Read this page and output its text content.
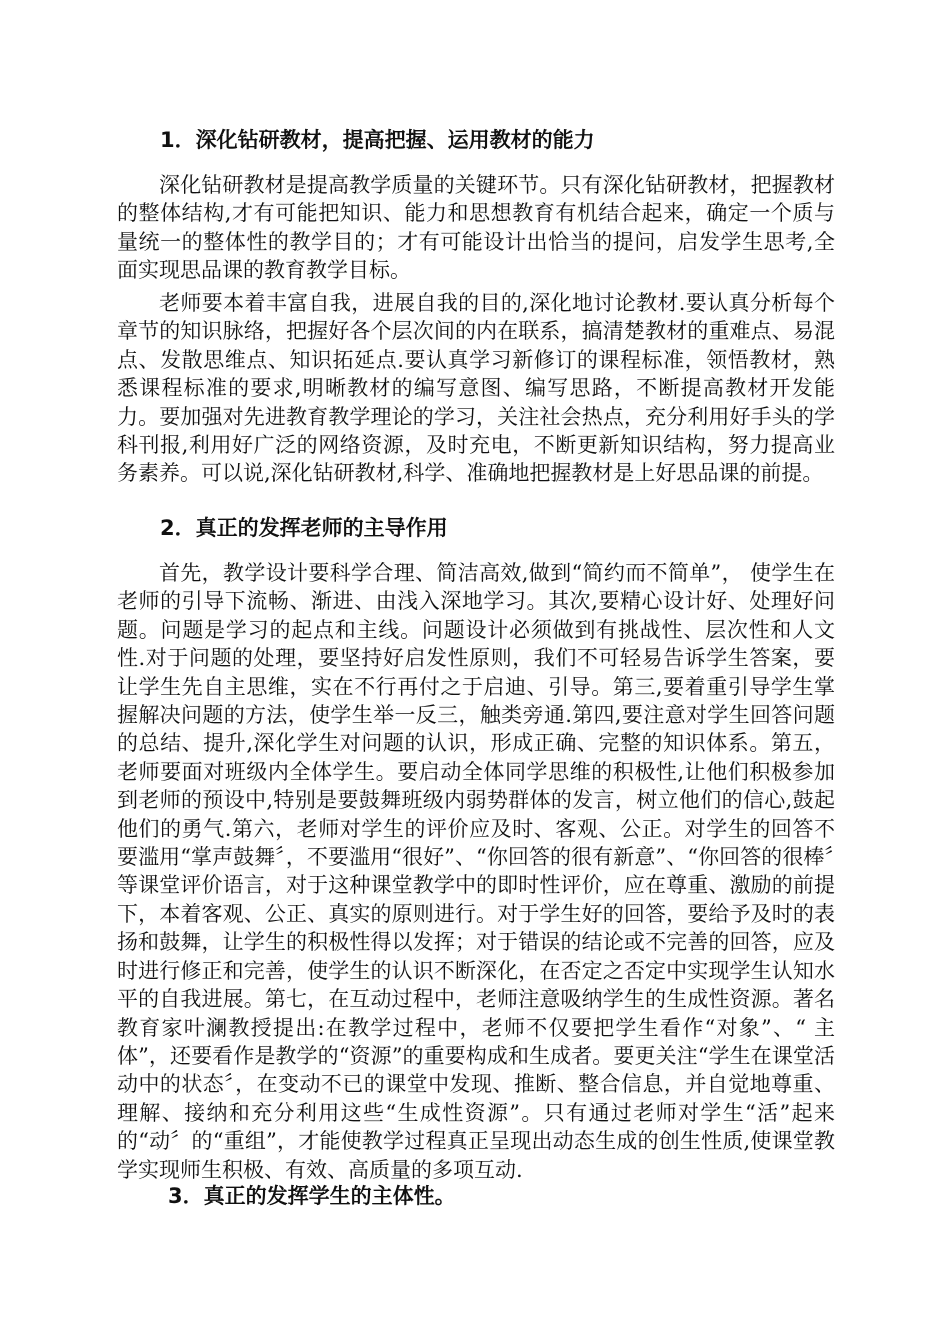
1．深化钻研教材，提高把握、运用教材的能力

深化钻研教材是提高教学质量的关键环节。只有深化钻研教材，把握教材的整体结构,才有可能把知识、能力和思想教育有机结合起来，确定一个质与量统一的整体性的教学目的；才有可能设计出恰当的提问，启发学生思考,全面实现思品课的教育教学目标。

老师要本着丰富自我，进展自我的目的,深化地讨论教材.要认真分析每个章节的知识脉络，把握好各个层次间的内在联系，搞清楚教材的重难点、易混点、发散思维点、知识拓延点.要认真学习新修订的课程标准，领悟教材，熟悉课程标准的要求,明晰教材的编写意图、编写思路，不断提高教材开发能力。要加强对先进教育教学理论的学习，关注社会热点，充分利用好手头的学科刊报,利用好广泛的网络资源，及时充电，不断更新知识结构，努力提高业务素养。可以说,深化钻研教材,科学、准确地把握教材是上好思品课的前提。

2．真正的发挥老师的主导作用

首先，教学设计要科学合理、简洁高效,做到“简约而不简单”， 使学生在老师的引导下流畅、渐进、由浅入深地学习。其次,要精心设计好、处理好问题。问题是学习的起点和主线。问题设计必须做到有挑战性、层次性和人文性.对于问题的处理，要坚持好启发性原则，我们不可轻易告诉学生答案，要让学生先自主思维，实在不行再付之于启迪、引导。第三,要着重引导学生掌握解决问题的方法，使学生举一反三，触类旁通.第四,要注意对学生回答问题的总结、提升,深化学生对问题的认识，形成正确、完整的知识体系。第五，老师要面对班级内全体学生。要启动全体同学思维的积极性,让他们积极参加到老师的预设中,特别是要鼓舞班级内弱势群体的发言，树立他们的信心,鼓起他们的勇气.第六，老师对学生的评价应及时、客观、公正。对学生的回答不要滥用“掌声鼓舞〞，不要滥用“很好”、“你回答的很有新意”、“你回答的很棒〞等课堂评价语言，对于这种课堂教学中的即时性评价，应在尊重、激励的前提下，本着客观、公正、真实的原则进行。对于学生好的回答，要给予及时的表扬和鼓舞，让学生的积极性得以发挥；对于错误的结论或不完善的回答，应及时进行修正和完善，使学生的认识不断深化，在否定之否定中实现学生认知水平的自我进展。第七，在互动过程中，老师注意吸纳学生的生成性资源。著名教育家叶澜教授提出:在教学过程中，老师不仅要把学生看作“对象”、“ 主体”，还要看作是教学的“资源”的重要构成和生成者。要更关注“学生在课堂活动中的状态〞，在变动不已的课堂中发现、推断、整合信息，并自觉地尊重、理解、接纳和充分利用这些“生成性资源”。只有通过老师对学生“活”起来的“动〞的“重组”，才能使教学过程真正呈现出动态生成的创生性质,使课堂教学实现师生积极、有效、高质量的多项互动.

3．真正的发挥学生的主体性。
